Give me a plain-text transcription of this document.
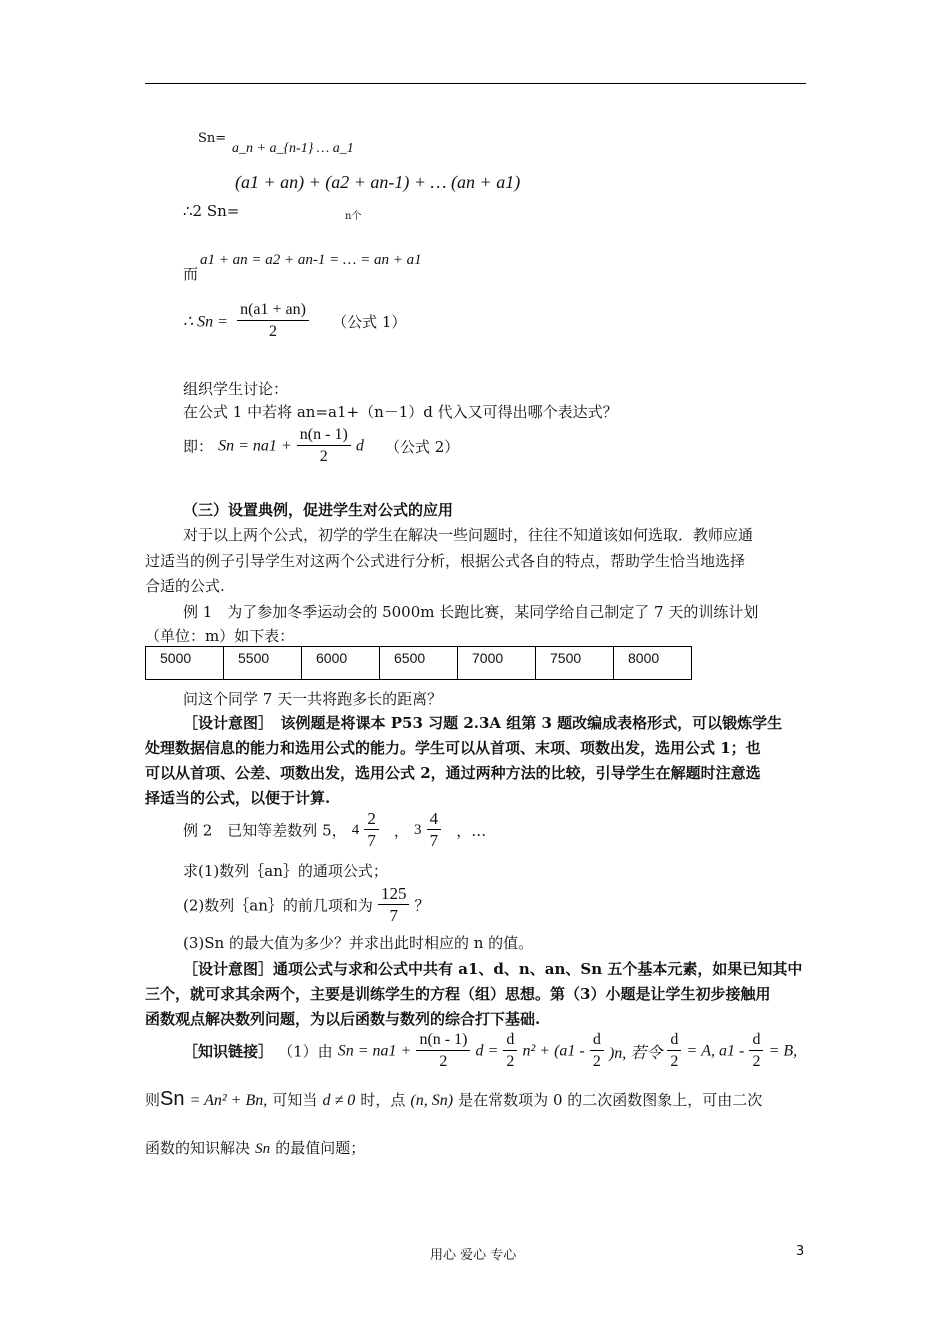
Sn=
a_n + a_{n-1} … a_1
(a1 + an) + (a2 + an-1) + … (an + a1)
∴2 Sn=	n个
而
a1 + an = a2 + an-1 = … = an + a1
∴ $Sn = \frac{n(a1 + an)}{2}$ （公式 1）
组织学生讨论：
在公式 1 中若将 an=a1+（n－1）d 代入又可得出哪个表达式？
即： $Sn = na1 + \frac{n(n - 1)}{2}$ d （公式 2）
（三）设置典例，促进学生对公式的应用
对于以上两个公式，初学的学生在解决一些问题时，往往不知道该如何选取．教师应通
过适当的例子引导学生对这两个公式进行分析，根据公式各自的特点，帮助学生恰当地选择
合适的公式.
例 1　为了参加冬季运动会的 5000m 长跑比赛，某同学给自己制定了 7 天的训练计划
（单位：m）如下表：
5000	5500	6000	6500	7000	7500	8000
问这个同学 7 天一共将跑多长的距离？
［设计意图］　该例题是将课本 P53 习题 2.3A 组第 3 题改编成表格形式，可以锻炼学生
处理数据信息的能力和选用公式的能力。学生可以从首项、末项、项数出发，选用公式 1；也
可以从首项、公差、项数出发，选用公式 2，通过两种方法的比较，引导学生在解题时注意选
择适当的公式，以便于计算.
例 2　已知等差数列 5， $4 \frac{2}{7}$ ， $3 \frac{4}{7}$ ，…
求(1)数列｛an｝的通项公式；
(2)数列｛an｝的前几项和为 $\frac{125}{7}$ ？
(3)Sn 的最大值为多少？并求出此时相应的 n 的值。
［设计意图］通项公式与求和公式中共有 a1、d、n、an、Sn 五个基本元素，如果已知其中
三个，就可求其余两个，主要是训练学生的方程（组）思想。第（3）小题是让学生初步接触用
函数观点解决数列问题，为以后函数与数列的综合打下基础.
［知识链接］ （1）由 $Sn = na1 + \frac{n(n - 1)}{2}$ $d = \frac{d}{2} n^2 + (a1 - \frac{d}{2} )n$, 若令 $\frac{d}{2} = A$, $a1 - \frac{d}{2} = B$,
则Sn = An² + Bn, 可知当 d ≠ 0 时，点 (n, Sn) 是在常数项为 0 的二次函数图象上，可由二次
函数的知识解决 Sn 的最值问题；
用心 爱心 专心	3
